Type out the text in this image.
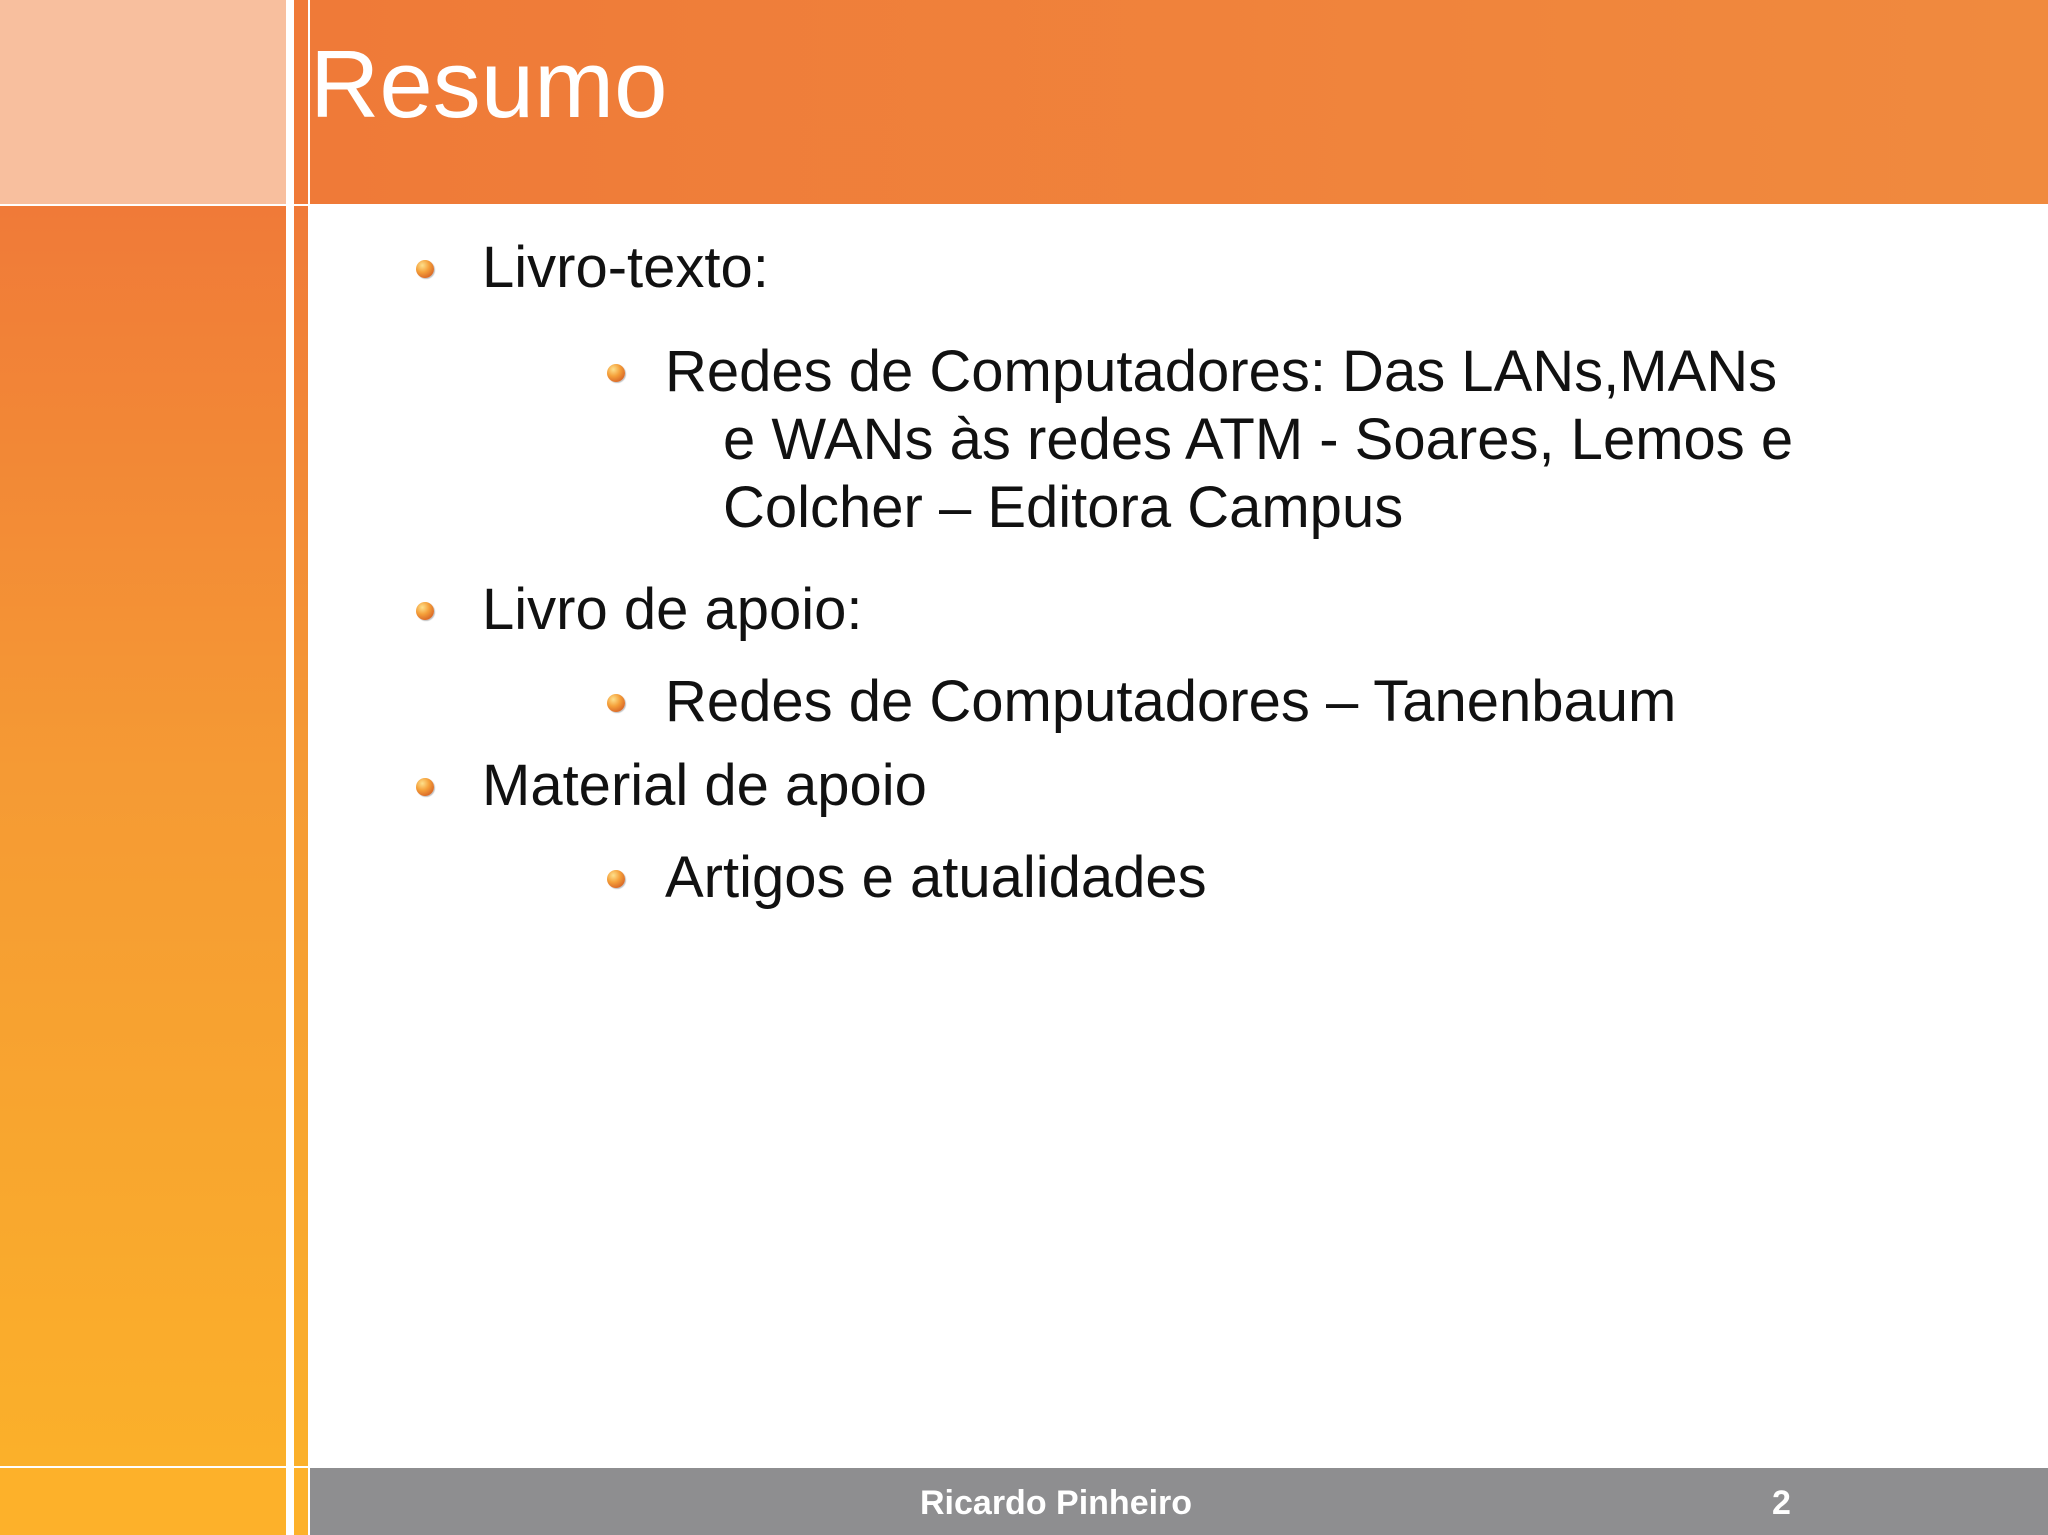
Resumo
Livro-texto:
Redes de Computadores: Das LANs,MANs
e WANs às redes ATM - Soares, Lemos e
Colcher – Editora Campus
Livro de apoio:
Redes de Computadores – Tanenbaum
Material de apoio
Artigos e atualidades
Ricardo Pinheiro	2
